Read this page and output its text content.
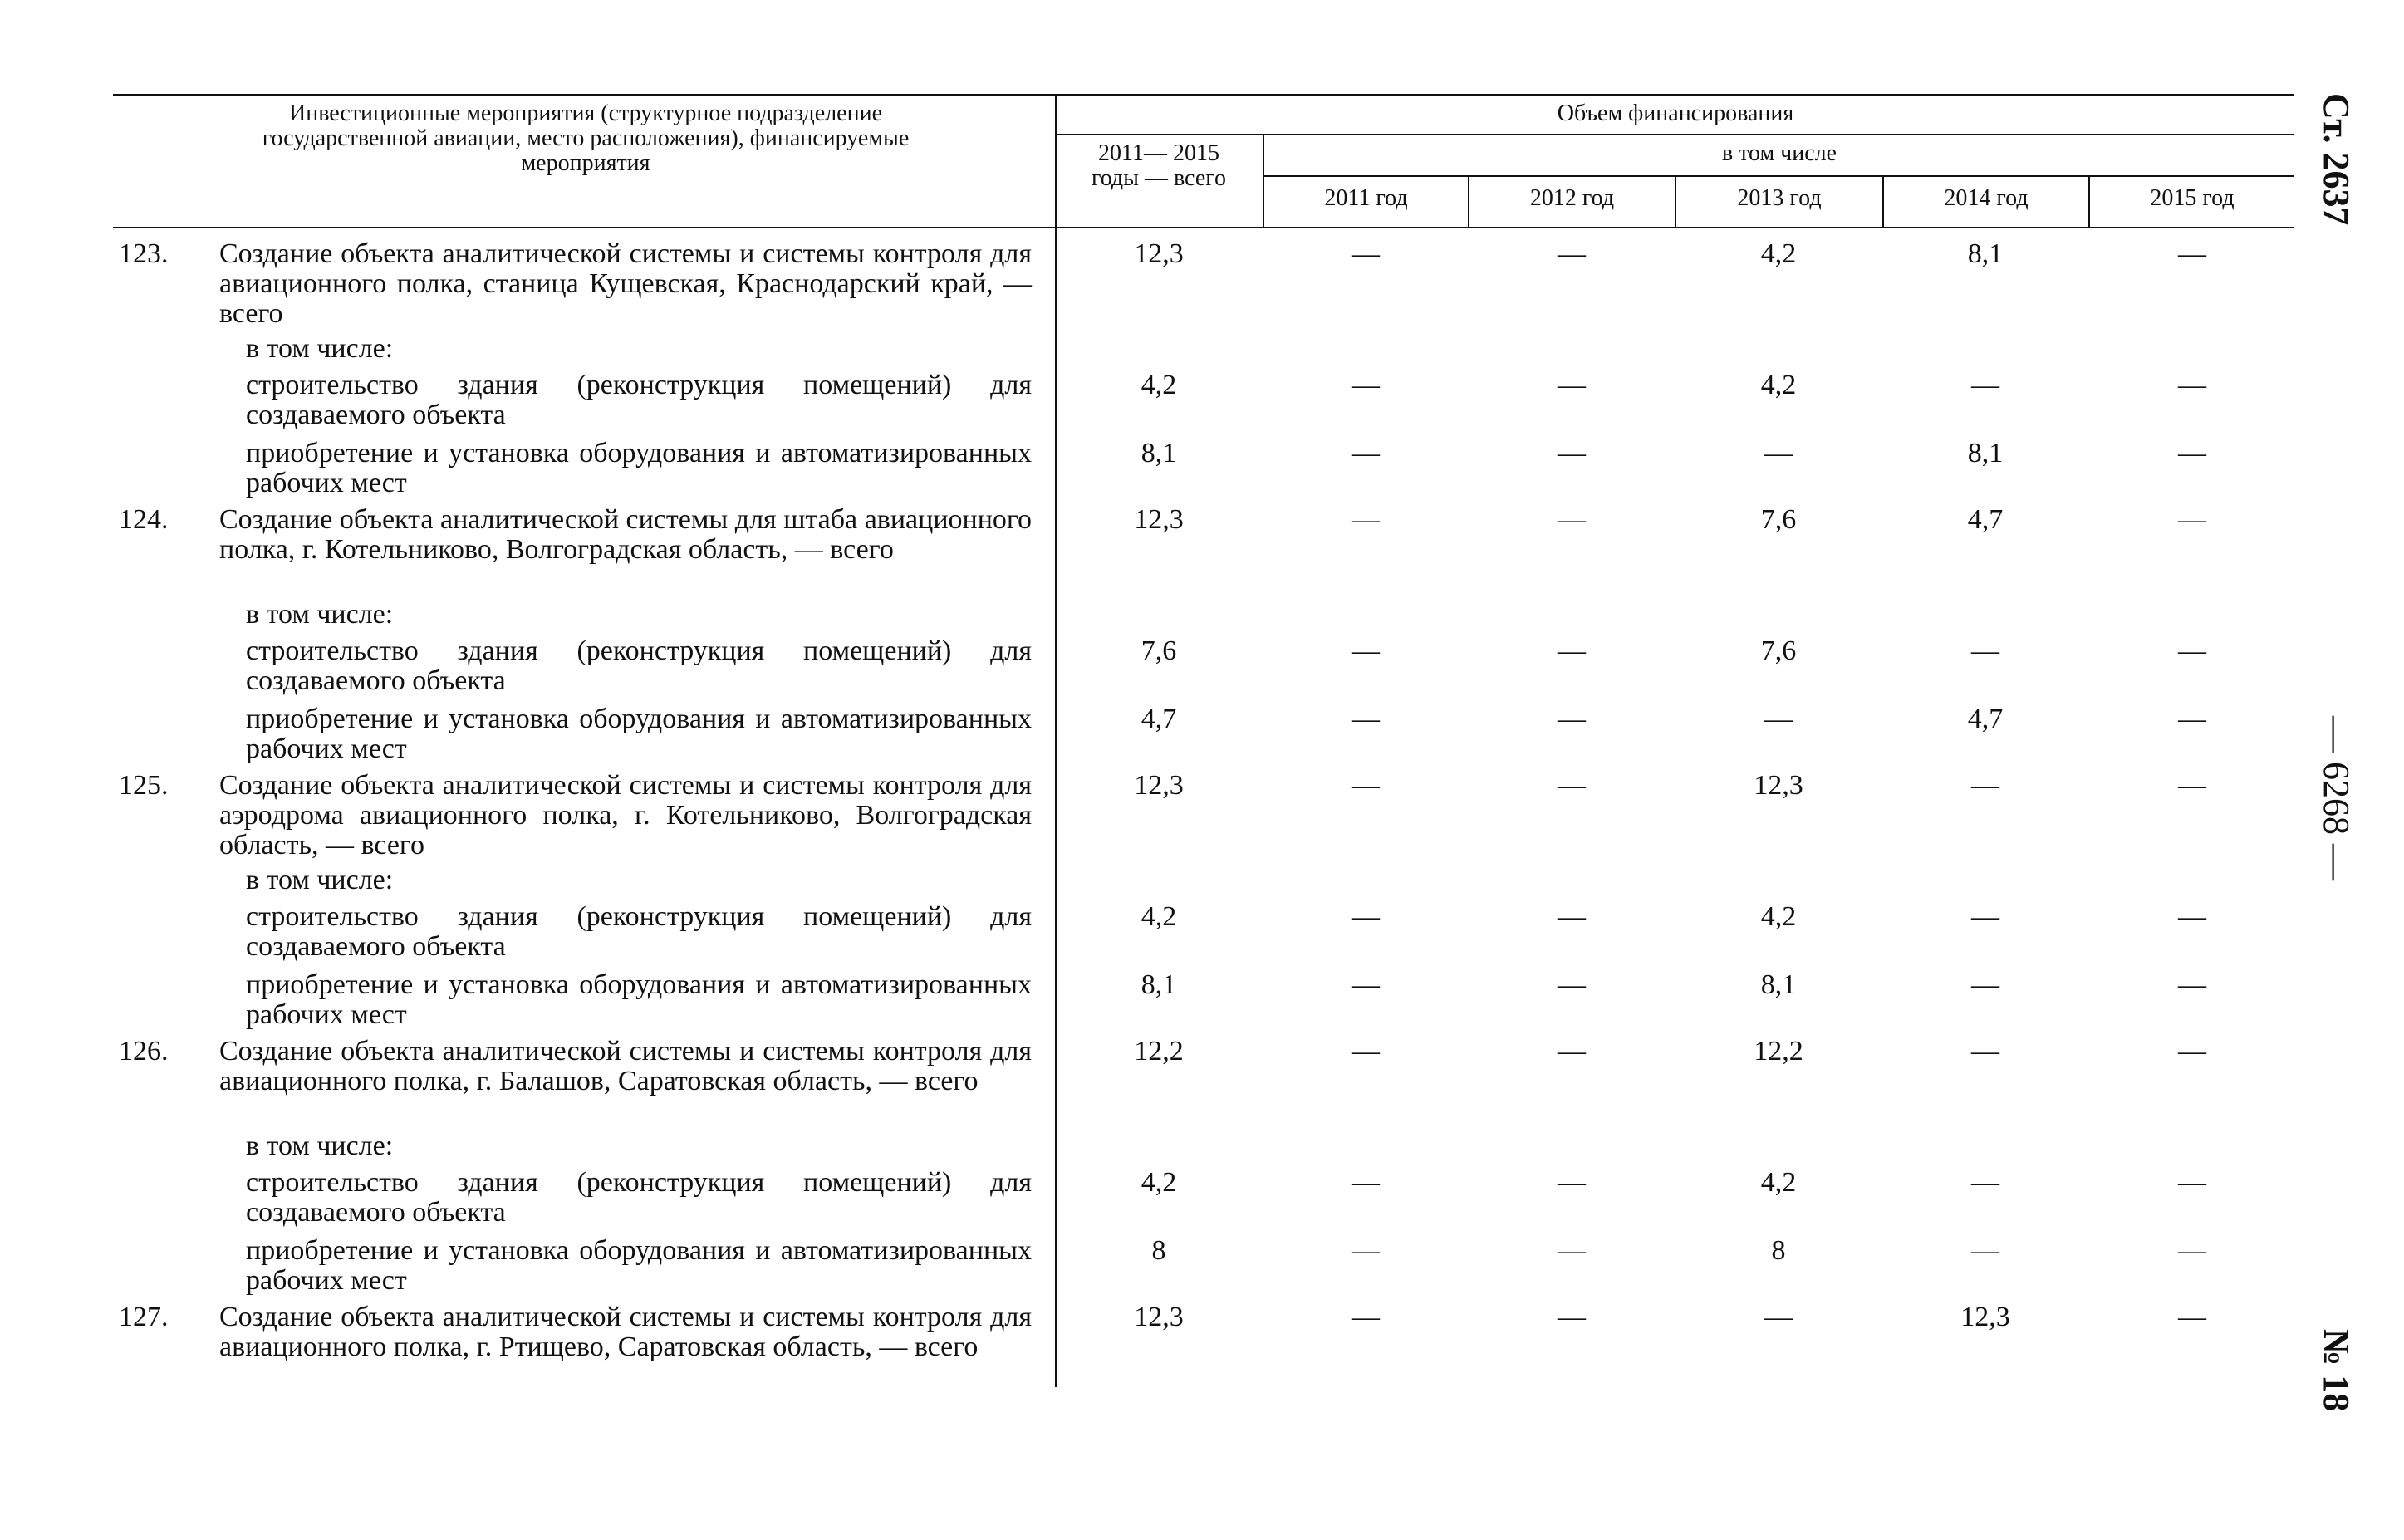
Инвестиционные мероприятия (структурное подразделение государственной авиации, место расположения), финансируемые мероприятия
Объем финансирования
2011— 2015 годы — всего
в том числе
2011 год	2012 год	2013 год	2014 год	2015 год
123.	Создание объекта аналитической системы и системы контроля для авиационного полка, станица Кущевская, Краснодарский край, — всего
12,3	—	—	4,2	8,1	—
в том числе:
строительство здания (реконструкция помещений) для создаваемого объекта
4,2	—	—	4,2	—	—
приобретение и установка оборудования и автоматизированных рабочих мест
8,1	—	—	—	8,1	—
124.	Создание объекта аналитической системы для штаба авиационного полка, г. Котельниково, Волгоградская область, — всего
12,3	—	—	7,6	4,7	—
в том числе:
строительство здания (реконструкция помещений) для создаваемого объекта
7,6	—	—	7,6	—	—
приобретение и установка оборудования и автоматизированных рабочих мест
4,7	—	—	—	4,7	—
125.	Создание объекта аналитической системы и системы контроля для аэродрома авиационного полка, г. Котельниково, Волгоградская область, — всего
12,3	—	—	12,3	—	—
в том числе:
строительство здания (реконструкция помещений) для создаваемого объекта
4,2	—	—	4,2	—	—
приобретение и установка оборудования и автоматизированных рабочих мест
8,1	—	—	8,1	—	—
126.	Создание объекта аналитической системы и системы контроля для авиационного полка, г. Балашов, Саратовская область, — всего
12,2	—	—	12,2	—	—
в том числе:
строительство здания (реконструкция помещений) для создаваемого объекта
4,2	—	—	4,2	—	—
приобретение и установка оборудования и автоматизированных рабочих мест
8	—	—	8	—	—
127.	Создание объекта аналитической системы и системы контроля для авиационного полка, г. Ртищево, Саратовская область, — всего
12,3	—	—	—	12,3	—
Ст. 2637
— 6268 —
№ 18
